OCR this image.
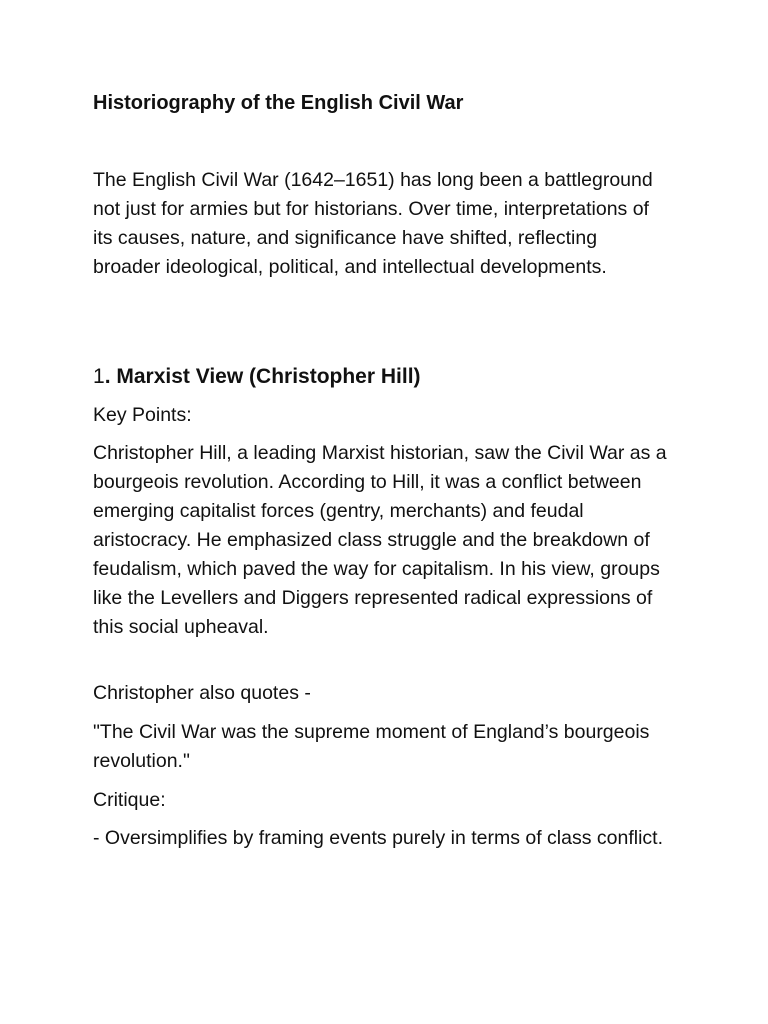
Historiography of the English Civil War

The English Civil War (1642–1651) has long been a battleground not just for armies but for historians. Over time, interpretations of its causes, nature, and significance have shifted, reflecting broader ideological, political, and intellectual developments.

1. Marxist View (Christopher Hill)

Key Points:

Christopher Hill, a leading Marxist historian, saw the Civil War as a bourgeois revolution. According to Hill, it was a conflict between emerging capitalist forces (gentry, merchants) and feudal aristocracy. He emphasized class struggle and the breakdown of feudalism, which paved the way for capitalism. In his view, groups like the Levellers and Diggers represented radical expressions of this social upheaval.

Christopher also quotes -

"The Civil War was the supreme moment of England’s bourgeois revolution."

Critique:

- Oversimplifies by framing events purely in terms of class conflict.
